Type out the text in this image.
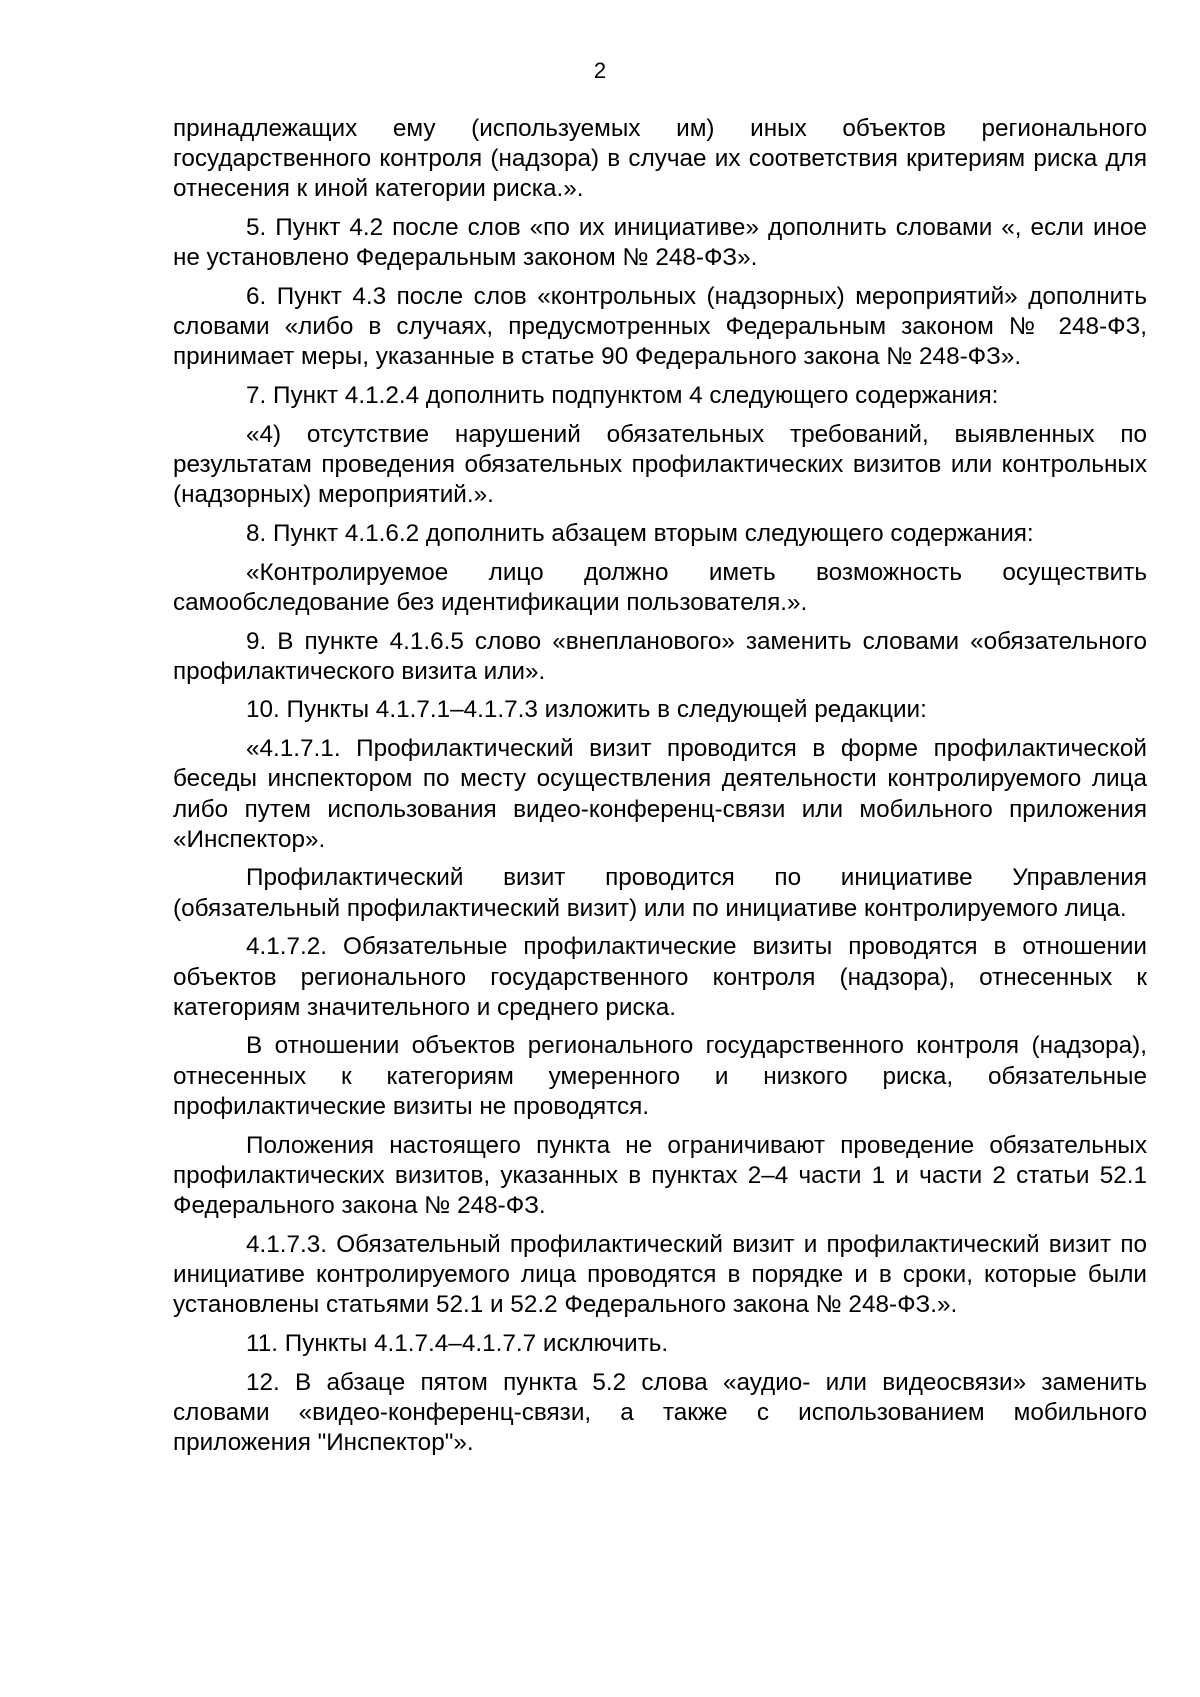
2

принадлежащих ему (используемых им) иных объектов регионального государственного контроля (надзора) в случае их соответствия критериям риска для отнесения к иной категории риска.».

5. Пункт 4.2 после слов «по их инициативе» дополнить словами «, если иное не установлено Федеральным законом № 248-ФЗ».

6. Пункт 4.3 после слов «контрольных (надзорных) мероприятий» дополнить словами «либо в случаях, предусмотренных Федеральным законом № 248-ФЗ, принимает меры, указанные в статье 90 Федерального закона № 248-ФЗ».

7. Пункт 4.1.2.4 дополнить подпунктом 4 следующего содержания:

«4) отсутствие нарушений обязательных требований, выявленных по результатам проведения обязательных профилактических визитов или контрольных (надзорных) мероприятий.».

8. Пункт 4.1.6.2 дополнить абзацем вторым следующего содержания:

«Контролируемое лицо должно иметь возможность осуществить самообследование без идентификации пользователя.».

9. В пункте 4.1.6.5 слово «внепланового» заменить словами «обязательного профилактического визита или».

10. Пункты 4.1.7.1–4.1.7.3 изложить в следующей редакции:

«4.1.7.1. Профилактический визит проводится в форме профилактической беседы инспектором по месту осуществления деятельности контролируемого лица либо путем использования видео-конференц-связи или мобильного приложения «Инспектор».

Профилактический визит проводится по инициативе Управления (обязательный профилактический визит) или по инициативе контролируемого лица.

4.1.7.2. Обязательные профилактические визиты проводятся в отношении объектов регионального государственного контроля (надзора), отнесенных к категориям значительного и среднего риска.

В отношении объектов регионального государственного контроля (надзора), отнесенных к категориям умеренного и низкого риска, обязательные профилактические визиты не проводятся.

Положения настоящего пункта не ограничивают проведение обязательных профилактических визитов, указанных в пунктах 2–4 части 1 и части 2 статьи 52.1 Федерального закона № 248-ФЗ.

4.1.7.3. Обязательный профилактический визит и профилактический визит по инициативе контролируемого лица проводятся в порядке и в сроки, которые были установлены статьями 52.1 и 52.2 Федерального закона № 248-ФЗ.».

11. Пункты 4.1.7.4–4.1.7.7 исключить.

12. В абзаце пятом пункта 5.2 слова «аудио- или видеосвязи» заменить словами «видео-конференц-связи, а также с использованием мобильного приложения "Инспектор"».
